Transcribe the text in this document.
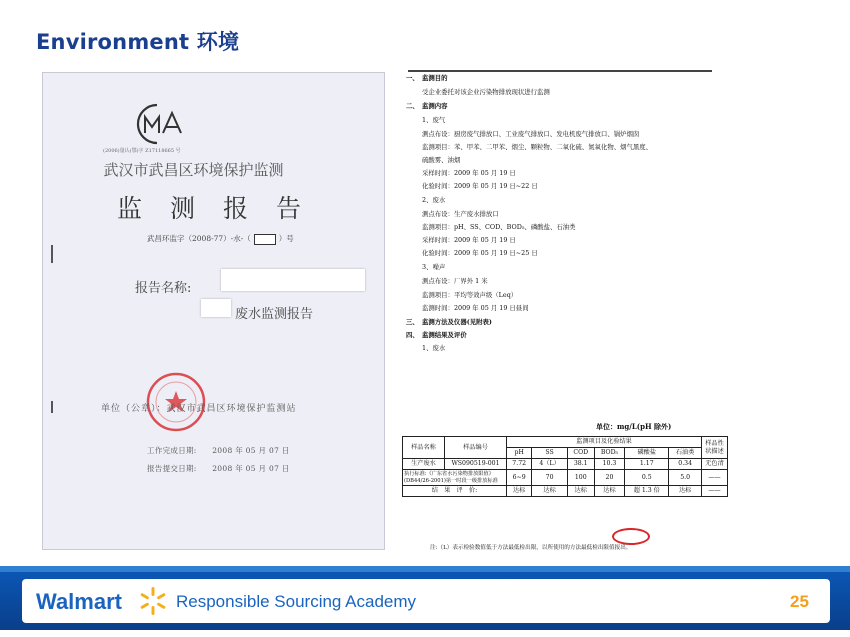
Environment 环境
(2006)量认(鄂)字 Z17118665 号
武汉市武昌区环境保护监测
监测报告
武昌环监字（2008-77）-水-（	）号
报告名称:
废水监测报告
单位（公章）：武汉市武昌区环境保护监测站
工作完成日期:　　2008 年 05 月 07 日
报告提交日期:　　2008 年 05 月 07 日
一、　监测目的
受企业委托对该企业污染物排放现状进行监测
二、　监测内容
1、废气
测点布设：厨房废气排放口、工业废气排放口、发电机废气排放口、锅炉烟囱
监测项目：苯、甲苯、二甲苯、烟尘、颗粒物、二氧化硫、氮氧化物、烟气黑度、
硫酸雾、油烟
采样时间：2009 年 05 月 19 日
化验时间：2009 年 05 月 19 日~22 日
2、废水
测点布设：生产废水排放口
监测项目：pH、SS、COD、BOD₅、磷酸盐、石油类
采样时间：2009 年 05 月 19 日
化验时间：2009 年 05 月 19 日~25 日
3、噪声
测点布设：厂界外 1 米
监测项目：平均等效声级（Leq）
监测时间：2009 年 05 月 19 日昼间
三、　监测方法及仪器(见附表)
四、　监测结果及评价
1、废水
单位：mg/L(pH 除外)
样品名称	样品编号	监测项目及化验结果						样品性状描述
		pH	SS	COD	BOD₅	磷酸盐	石油类	
生产废水	WS090519-001	7.72	4（L）	38.1	10.3	1.17	0.34	无色清
执行标准:《广东省水污染物排放限值》(DB44/26-2001)第一时段一级排放标准		6~9	70	100	20	0.5	5.0	——
结　果　评　价:		达标	达标	达标	达标	超 1.3 倍	达标	——
注:（L）表示检验数值低于方法最低检出限，以所使用的方法最低检出限值报出。
Walmart	Responsible Sourcing Academy	25
